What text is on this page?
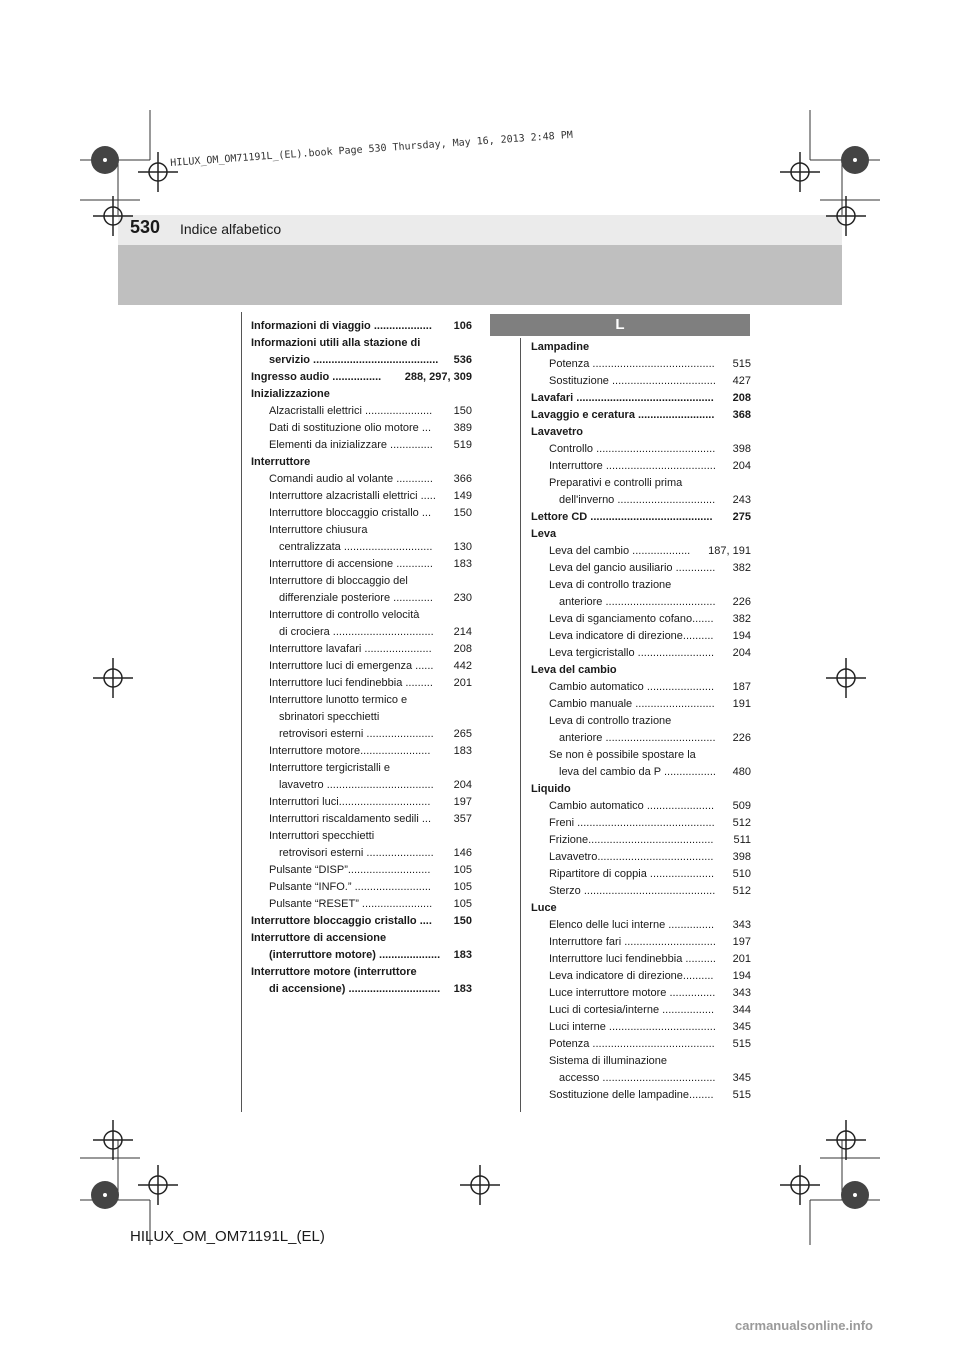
530 Indice alfabetico
HILUX_OM_OM71191L_(EL).book Page 530 Thursday, May 16, 2013 2:48 PM
L
Informazioni di viaggio ................... 106
Informazioni utili alla stazione di
servizio ......................................... 536
Ingresso audio ................ 288, 297, 309
Inizializzazione
Alzacristalli elettrici ...................... 150
Dati di sostituzione olio motore ... 389
Elementi da inizializzare .............. 519
Interruttore
Comandi audio al volante ............ 366
Interruttore alzacristalli elettrici ..... 149
Interruttore bloccaggio cristallo ... 150
Interruttore chiusura
centralizzata ............................. 130
Interruttore di accensione ............ 183
Interruttore di bloccaggio del
differenziale posteriore ............. 230
Interruttore di controllo velocità
di crociera ................................. 214
Interruttore lavafari ...................... 208
Interruttore luci di emergenza ...... 442
Interruttore luci fendinebbia ......... 201
Interruttore lunotto termico e
sbrinatori specchietti
retrovisori esterni ...................... 265
Interruttore motore....................... 183
Interruttore tergicristalli e
lavavetro ................................... 204
Interruttori luci.............................. 197
Interruttori riscaldamento sedili ... 357
Interruttori specchietti
retrovisori esterni ...................... 146
Pulsante “DISP”........................... 105
Pulsante “INFO.” ......................... 105
Pulsante “RESET” ....................... 105
Interruttore bloccaggio cristallo .... 150
Interruttore di accensione
(interruttore motore) .................... 183
Interruttore motore (interruttore
di accensione) .............................. 183
Lampadine
Potenza ........................................ 515
Sostituzione .................................. 427
Lavafari ............................................. 208
Lavaggio e ceratura ......................... 368
Lavavetro
Controllo ....................................... 398
Interruttore .................................... 204
Preparativi e controlli prima
dell'inverno ................................ 243
Lettore CD ........................................ 275
Leva
Leva del cambio ................... 187, 191
Leva del gancio ausiliario ............. 382
Leva di controllo trazione
anteriore .................................... 226
Leva di sganciamento cofano....... 382
Leva indicatore di direzione.......... 194
Leva tergicristallo ......................... 204
Leva del cambio
Cambio automatico ...................... 187
Cambio manuale .......................... 191
Leva di controllo trazione
anteriore .................................... 226
Se non è possibile spostare la
leva del cambio da P ................. 480
Liquido
Cambio automatico ...................... 509
Freni ............................................. 512
Frizione......................................... 511
Lavavetro...................................... 398
Ripartitore di coppia ..................... 510
Sterzo ........................................... 512
Luce
Elenco delle luci interne ............... 343
Interruttore fari .............................. 197
Interruttore luci fendinebbia .......... 201
Leva indicatore di direzione.......... 194
Luce interruttore motore ............... 343
Luci di cortesia/interne ................. 344
Luci interne ................................... 345
Potenza ........................................ 515
Sistema di illuminazione
accesso ..................................... 345
Sostituzione delle lampadine........ 515
HILUX_OM_OM71191L_(EL)
carmanualsonline.info
